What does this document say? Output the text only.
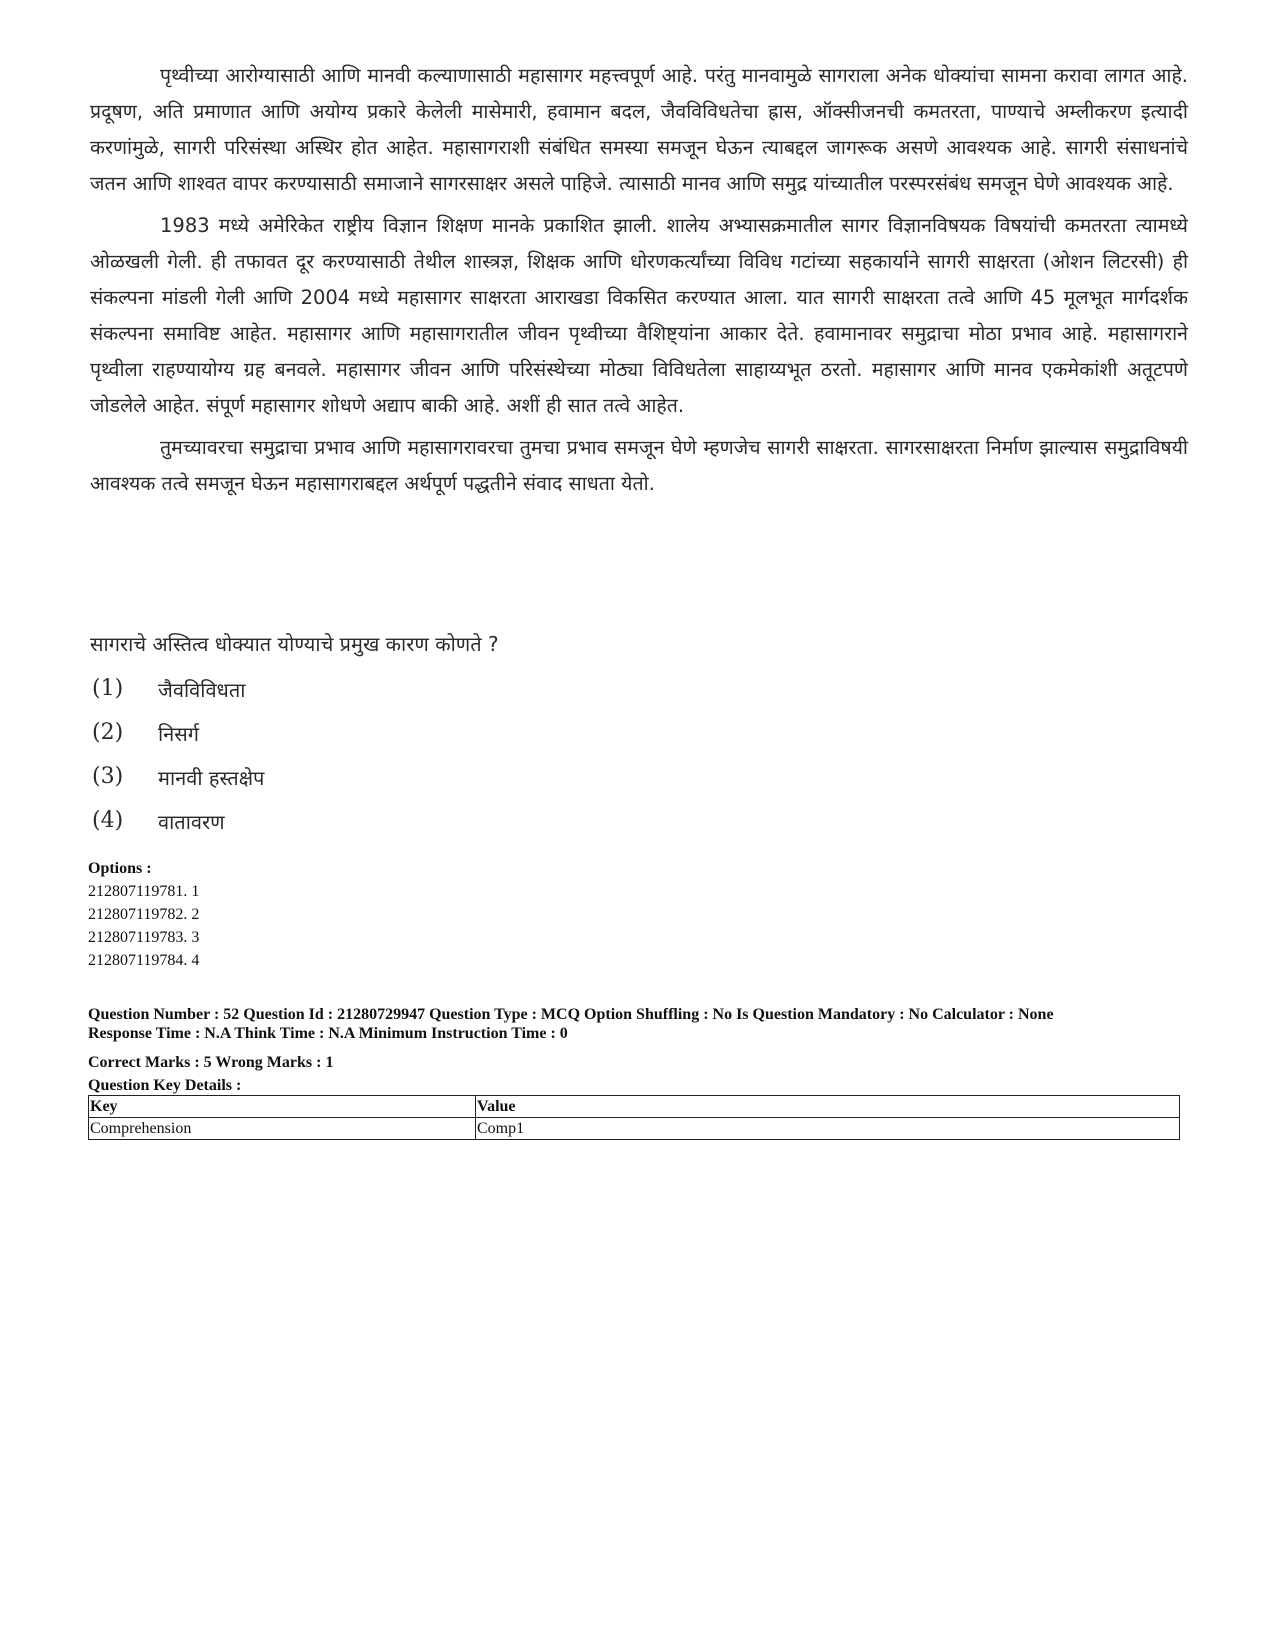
पृथ्वीच्या आरोग्यासाठी आणि मानवी कल्याणासाठी महासागर महत्त्वपूर्ण आहे. परंतु मानवामुळे सागराला अनेक धोक्यांचा सामना करावा लागत आहे. प्रदूषण, अति प्रमाणात आणि अयोग्य प्रकारे केलेली मासेमारी, हवामान बदल, जैवविविधतेचा ह्रास, ऑक्सीजनची कमतरता, पाण्याचे अम्लीकरण इत्यादी करणांमुळे, सागरी परिसंस्था अस्थिर होत आहेत. महासागराशी संबंधित समस्या समजून घेऊन त्याबद्दल जागरूक असणे आवश्यक आहे. सागरी संसाधनांचे जतन आणि शाश्वत वापर करण्यासाठी समाजाने सागरसाक्षर असले पाहिजे. त्यासाठी मानव आणि समुद्र यांच्यातील परस्परसंबंध समजून घेणे आवश्यक आहे.

1983 मध्ये अमेरिकेत राष्ट्रीय विज्ञान शिक्षण मानके प्रकाशित झाली. शालेय अभ्यासक्रमातील सागर विज्ञानविषयक विषयांची कमतरता त्यामध्ये ओळखली गेली. ही तफावत दूर करण्यासाठी तेथील शास्त्रज्ञ, शिक्षक आणि धोरणकर्त्यांच्या विविध गटांच्या सहकार्याने सागरी साक्षरता (ओशन लिटरसी) ही संकल्पना मांडली गेली आणि 2004 मध्ये महासागर साक्षरता आराखडा विकसित करण्यात आला. यात सागरी साक्षरता तत्वे आणि 45 मूलभूत मार्गदर्शक संकल्पना समाविष्ट आहेत. महासागर आणि महासागरातील जीवन पृथ्वीच्या वैशिष्ट्यांना आकार देते. हवामानावर समुद्राचा मोठा प्रभाव आहे. महासागराने पृथ्वीला राहण्यायोग्य ग्रह बनवले. महासागर जीवन आणि परिसंस्थेच्या मोठ्या विविधतेला साहाय्यभूत ठरतो. महासागर आणि मानव एकमेकांशी अतूटपणे जोडलेले आहेत. संपूर्ण महासागर शोधणे अद्याप बाकी आहे. अशीं ही सात तत्वे आहेत.

तुमच्यावरचा समुद्राचा प्रभाव आणि महासागरावरचा तुमचा प्रभाव समजून घेणे म्हणजेच सागरी साक्षरता. सागरसाक्षरता निर्माण झाल्यास समुद्राविषयी आवश्यक तत्वे समजून घेऊन महासागराबद्दल अर्थपूर्ण पद्धतीने संवाद साधता येतो.

सागराचे अस्तित्व धोक्यात योण्याचे प्रमुख कारण कोणते ?
(1)	जैवविविधता
(2)	निसर्ग
(3)	मानवी हस्तक्षेप
(4)	वातावरण
Options :
212807119781. 1
212807119782. 2
212807119783. 3
212807119784. 4
Question Number : 52 Question Id : 21280729947 Question Type : MCQ Option Shuffling : No Is Question Mandatory : No Calculator : None
Response Time : N.A Think Time : N.A Minimum Instruction Time : 0
Correct Marks : 5 Wrong Marks : 1
Question Key Details :
Key	Value
Comprehension	Comp1
